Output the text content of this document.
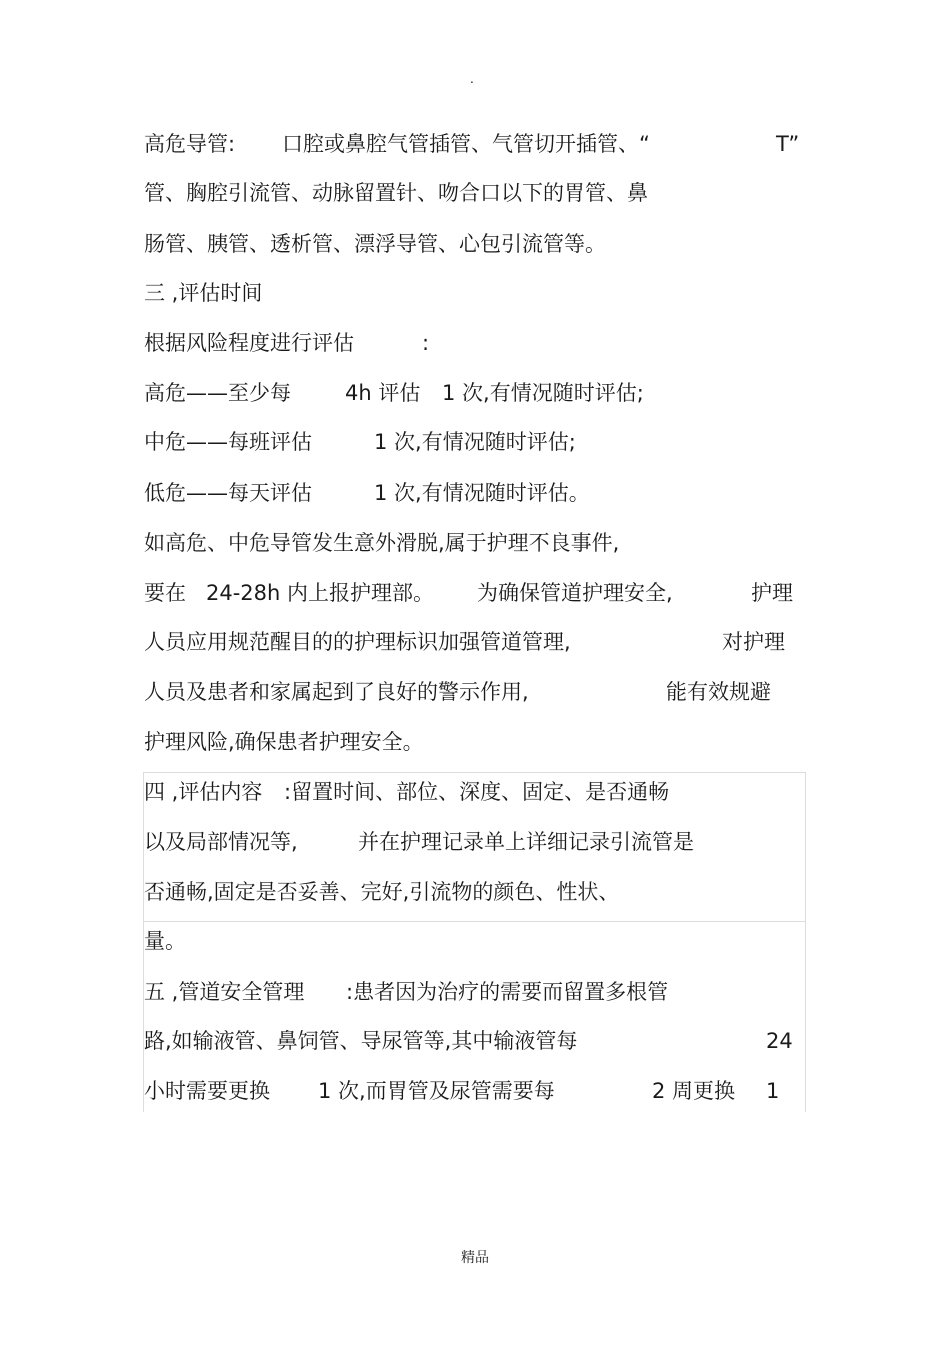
.
高危导管: 口腔或鼻腔气管插管、气管切开插管、“	T”
管、胸腔引流管、动脉留置针、吻合口以下的胃管、鼻
肠管、胰管、透析管、漂浮导管、心包引流管等。
三 ,评估时间
根据风险程度进行评估	:
高危——至少每	4h 评估 1 次,有情况随时评估;
中危——每班评估	1 次,有情况随时评估;
低危——每天评估	1 次,有情况随时评估。
如高危、中危导管发生意外滑脱,属于护理不良事件,
要在 24-28h 内上报护理部。 为确保管道护理安全,	护理
人员应用规范醒目的的护理标识加强管道管理,	对护理
人员及患者和家属起到了良好的警示作用,	能有效规避
护理风险,确保患者护理安全。
四 ,评估内容 :留置时间、部位、深度、固定、是否通畅
以及局部情况等,	并在护理记录单上详细记录引流管是
否通畅,固定是否妥善、完好,引流物的颜色、性状、
量。
五 ,管道安全管理 :患者因为治疗的需要而留置多根管
路,如输液管、鼻饲管、导尿管等,其中输液管每	24
小时需要更换 1 次,而胃管及尿管需要每	2 周更换 1
精品
